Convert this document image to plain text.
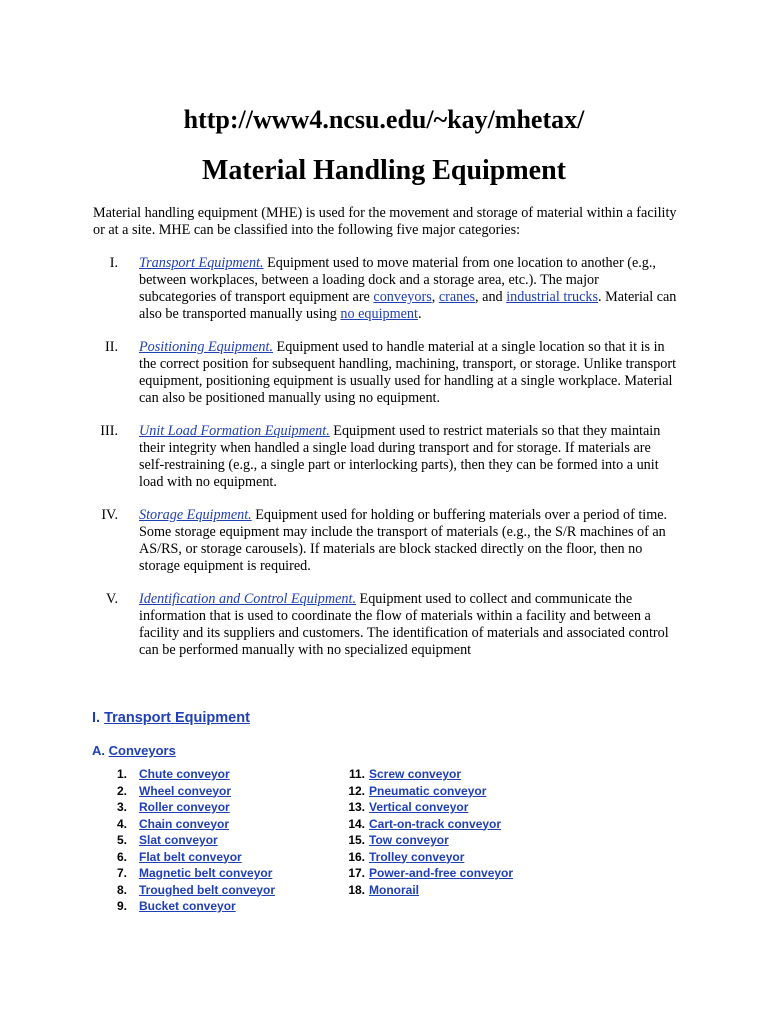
http://www4.ncsu.edu/~kay/mhetax/
Material Handling Equipment
Material handling equipment (MHE) is used for the movement and storage of material within a facility or at a site. MHE can be classified into the following five major categories:
I. Transport Equipment. Equipment used to move material from one location to another (e.g., between workplaces, between a loading dock and a storage area, etc.). The major subcategories of transport equipment are conveyors, cranes, and industrial trucks. Material can also be transported manually using no equipment.
II. Positioning Equipment. Equipment used to handle material at a single location so that it is in the correct position for subsequent handling, machining, transport, or storage. Unlike transport equipment, positioning equipment is usually used for handling at a single workplace. Material can also be positioned manually using no equipment.
III. Unit Load Formation Equipment. Equipment used to restrict materials so that they maintain their integrity when handled a single load during transport and for storage. If materials are self-restraining (e.g., a single part or interlocking parts), then they can be formed into a unit load with no equipment.
IV. Storage Equipment. Equipment used for holding or buffering materials over a period of time. Some storage equipment may include the transport of materials (e.g., the S/R machines of an AS/RS, or storage carousels). If materials are block stacked directly on the floor, then no storage equipment is required.
V. Identification and Control Equipment. Equipment used to collect and communicate the information that is used to coordinate the flow of materials within a facility and between a facility and its suppliers and customers. The identification of materials and associated control can be performed manually with no specialized equipment
I. Transport Equipment
A. Conveyors
1. Chute conveyor
2. Wheel conveyor
3. Roller conveyor
4. Chain conveyor
5. Slat conveyor
6. Flat belt conveyor
7. Magnetic belt conveyor
8. Troughed belt conveyor
9. Bucket conveyor
11. Screw conveyor
12. Pneumatic conveyor
13. Vertical conveyor
14. Cart-on-track conveyor
15. Tow conveyor
16. Trolley conveyor
17. Power-and-free conveyor
18. Monorail
